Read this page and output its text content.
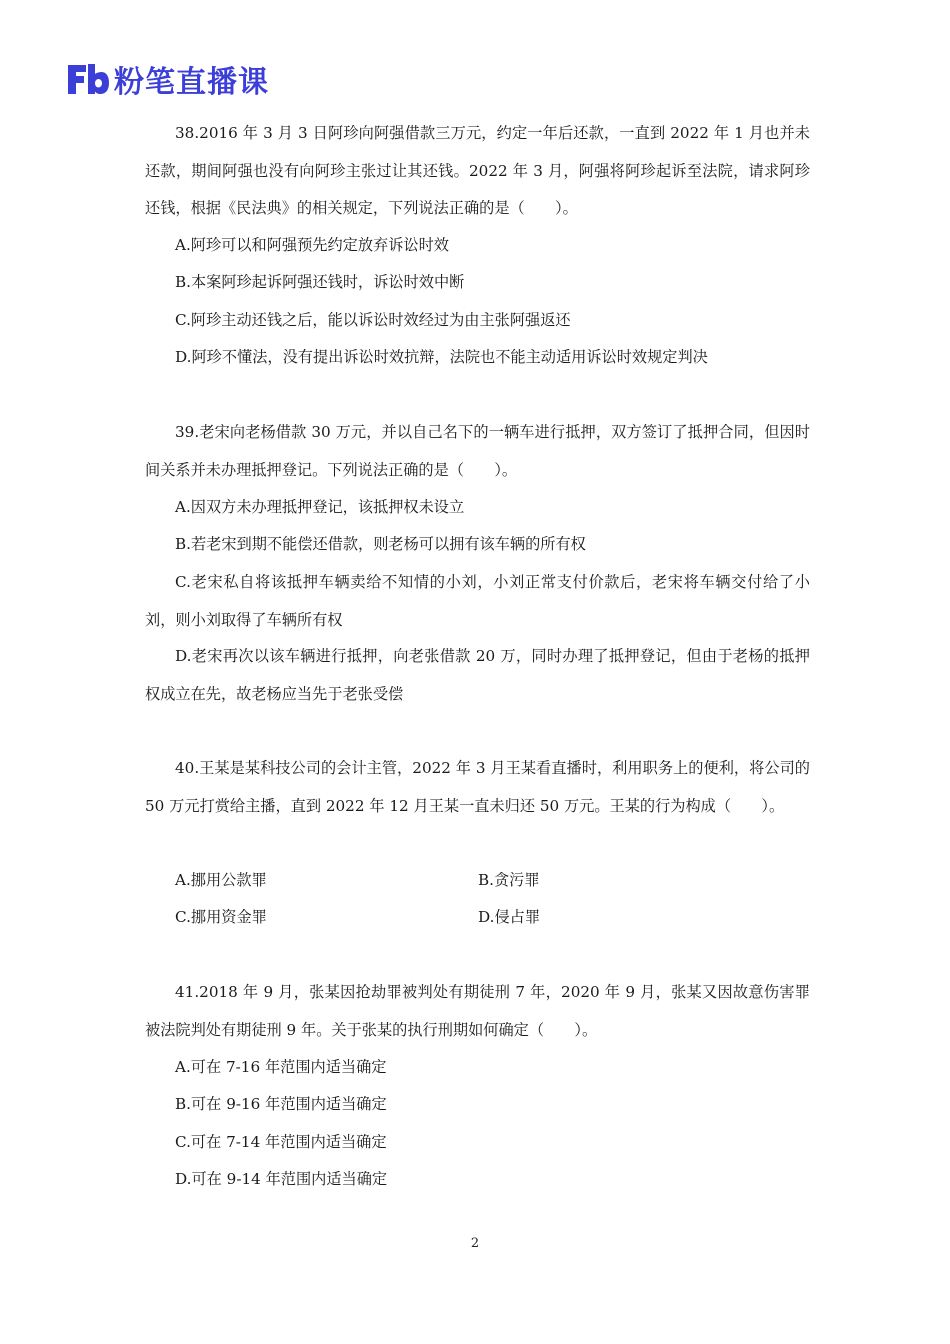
粉笔直播课

38.2016 年 3 月 3 日阿珍向阿强借款三万元，约定一年后还款，一直到 2022 年 1 月也并未还款，期间阿强也没有向阿珍主张过让其还钱。2022 年 3 月，阿强将阿珍起诉至法院，请求阿珍还钱，根据《民法典》的相关规定，下列说法正确的是（　　）。

A.阿珍可以和阿强预先约定放弃诉讼时效
B.本案阿珍起诉阿强还钱时，诉讼时效中断
C.阿珍主动还钱之后，能以诉讼时效经过为由主张阿强返还
D.阿珍不懂法，没有提出诉讼时效抗辩，法院也不能主动适用诉讼时效规定判决

39.老宋向老杨借款 30 万元，并以自己名下的一辆车进行抵押，双方签订了抵押合同，但因时间关系并未办理抵押登记。下列说法正确的是（　　）。

A.因双方未办理抵押登记，该抵押权未设立
B.若老宋到期不能偿还借款，则老杨可以拥有该车辆的所有权
C.老宋私自将该抵押车辆卖给不知情的小刘，小刘正常支付价款后，老宋将车辆交付给了小刘，则小刘取得了车辆所有权
D.老宋再次以该车辆进行抵押，向老张借款 20 万，同时办理了抵押登记，但由于老杨的抵押权成立在先，故老杨应当先于老张受偿

40.王某是某科技公司的会计主管，2022 年 3 月王某看直播时，利用职务上的便利，将公司的 50 万元打赏给主播，直到 2022 年 12 月王某一直未归还 50 万元。王某的行为构成（　　）。

A.挪用公款罪	B.贪污罪
C.挪用资金罪	D.侵占罪

41.2018 年 9 月，张某因抢劫罪被判处有期徒刑 7 年，2020 年 9 月，张某又因故意伤害罪被法院判处有期徒刑 9 年。关于张某的执行刑期如何确定（　　）。

A.可在 7-16 年范围内适当确定
B.可在 9-16 年范围内适当确定
C.可在 7-14 年范围内适当确定
D.可在 9-14 年范围内适当确定
2
